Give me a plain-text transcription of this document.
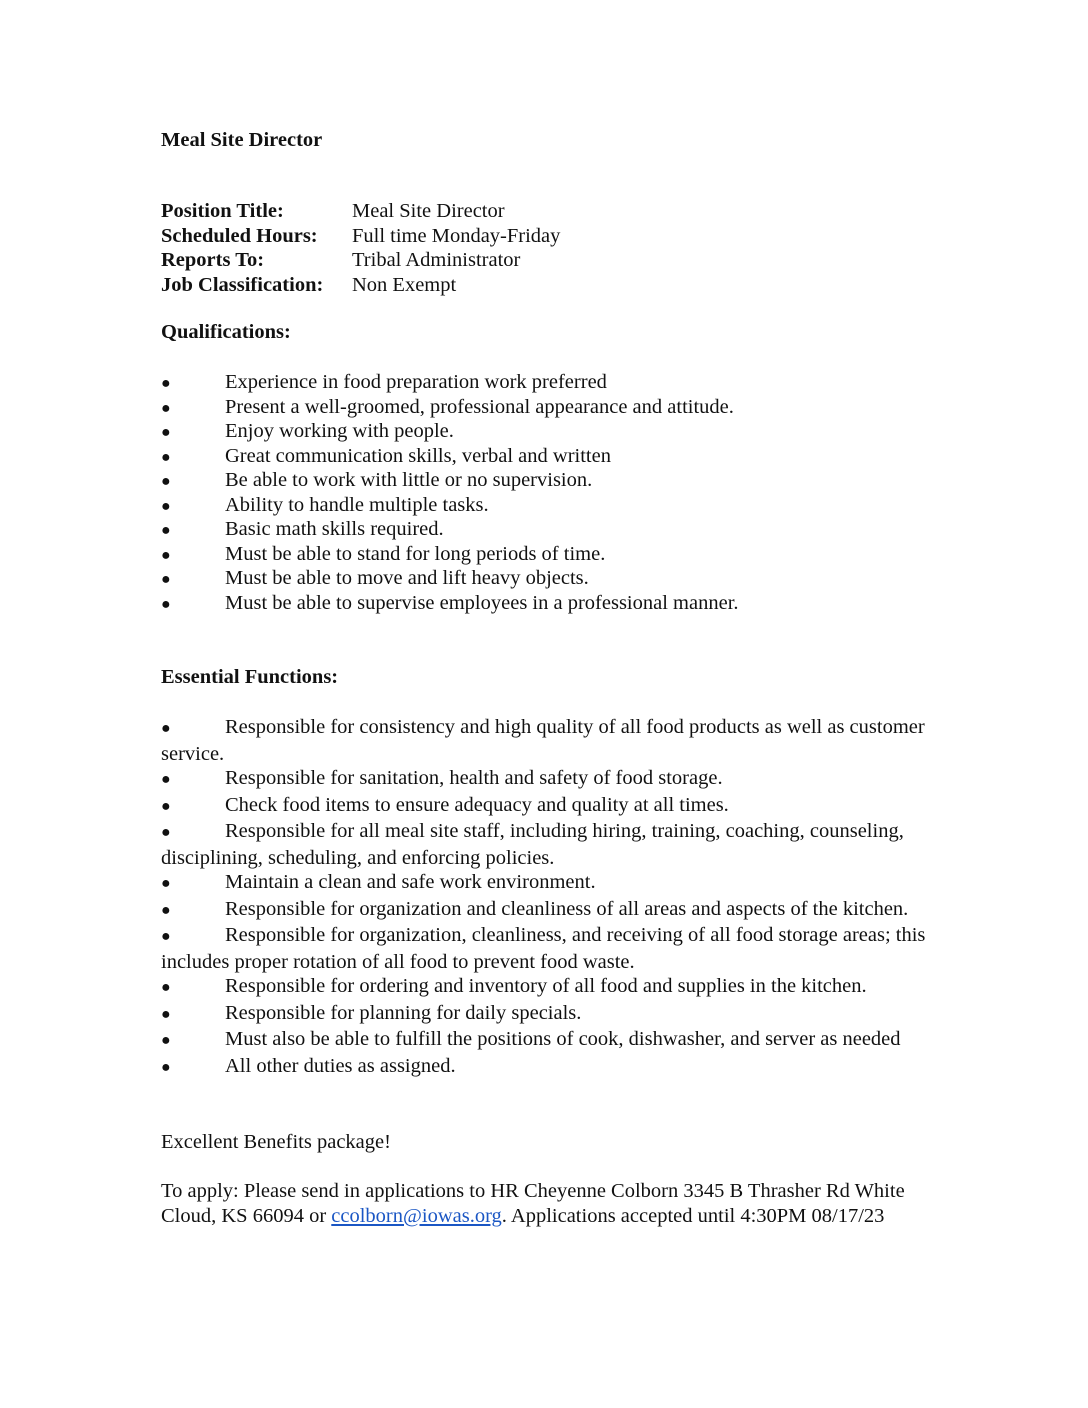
Meal Site Director
Position Title:	Meal Site Director
Scheduled Hours: Full time Monday-Friday
Reports To:	Tribal Administrator
Job Classification: Non Exempt
Qualifications:
●	Experience in food preparation work preferred
●	Present a well-groomed, professional appearance and attitude.
●	Enjoy working with people.
●	Great communication skills, verbal and written
●	Be able to work with little or no supervision.
●	Ability to handle multiple tasks.
●	Basic math skills required.
●	Must be able to stand for long periods of time.
●	Must be able to move and lift heavy objects.
●	Must be able to supervise employees in a professional manner.
Essential Functions:
●	Responsible for consistency and high quality of all food products as well as customer service.
●	Responsible for sanitation, health and safety of food storage.
●	Check food items to ensure adequacy and quality at all times.
●	Responsible for all meal site staff, including hiring, training, coaching, counseling, disciplining, scheduling, and enforcing policies.
●	Maintain a clean and safe work environment.
●	Responsible for organization and cleanliness of all areas and aspects of the kitchen.
●	Responsible for organization, cleanliness, and receiving of all food storage areas; this includes proper rotation of all food to prevent food waste.
●	Responsible for ordering and inventory of all food and supplies in the kitchen.
●	Responsible for planning for daily specials.
●	Must also be able to fulfill the positions of cook, dishwasher, and server as needed
●	All other duties as assigned.
Excellent Benefits package!
To apply: Please send in applications to HR Cheyenne Colborn 3345 B Thrasher Rd White Cloud, KS 66094 or ccolborn@iowas.org. Applications accepted until 4:30PM 08/17/23
